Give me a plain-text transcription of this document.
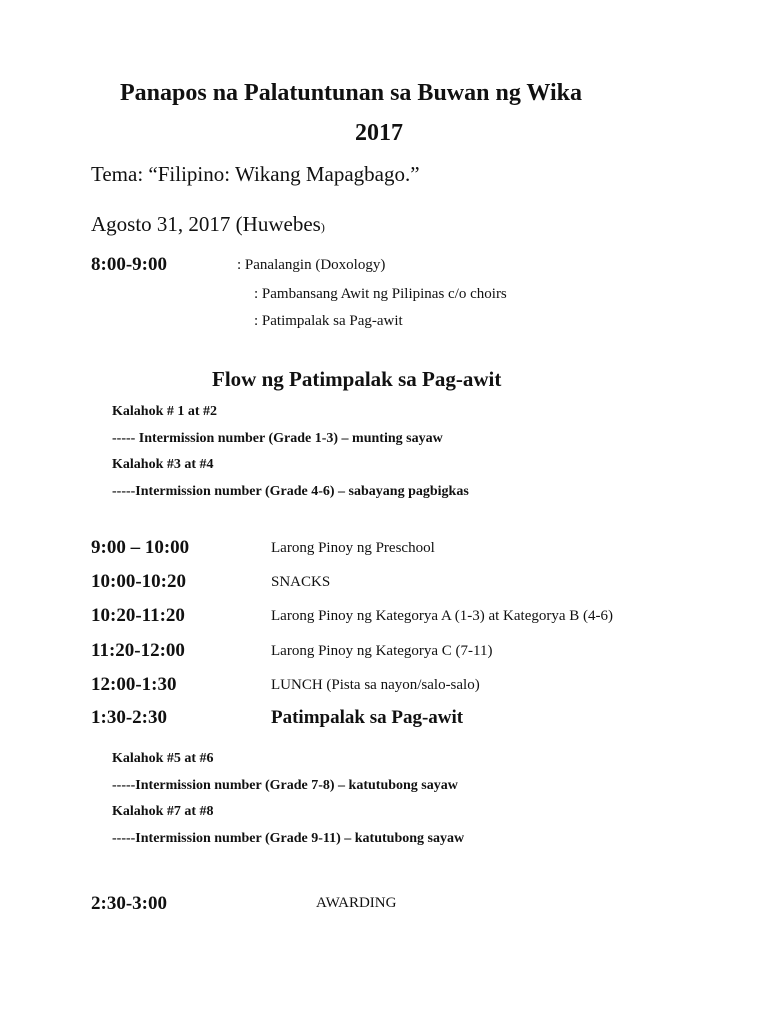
Panapos na Palatuntunan sa Buwan ng Wika
2017
Tema: “Filipino: Wikang Mapagbago.”
Agosto 31, 2017 (Huwebes)
8:00-9:00	: Panalangin (Doxology)
: Pambansang Awit ng Pilipinas c/o choirs
: Patimpalak sa Pag-awit
Flow ng Patimpalak sa Pag-awit
Kalahok # 1 at #2
----- Intermission number (Grade 1-3) – munting sayaw
Kalahok #3 at #4
-----Intermission number (Grade 4-6) – sabayang pagbigkas
9:00 – 10:00	Larong Pinoy ng Preschool
10:00-10:20	SNACKS
10:20-11:20	Larong Pinoy ng Kategorya A (1-3) at Kategorya B (4-6)
11:20-12:00	Larong Pinoy ng Kategorya C (7-11)
12:00-1:30	LUNCH (Pista sa nayon/salo-salo)
1:30-2:30	Patimpalak sa Pag-awit
Kalahok #5 at #6
-----Intermission number (Grade 7-8) – katutubong sayaw
Kalahok #7 at #8
-----Intermission number (Grade 9-11) – katutubong sayaw
2:30-3:00	AWARDING
